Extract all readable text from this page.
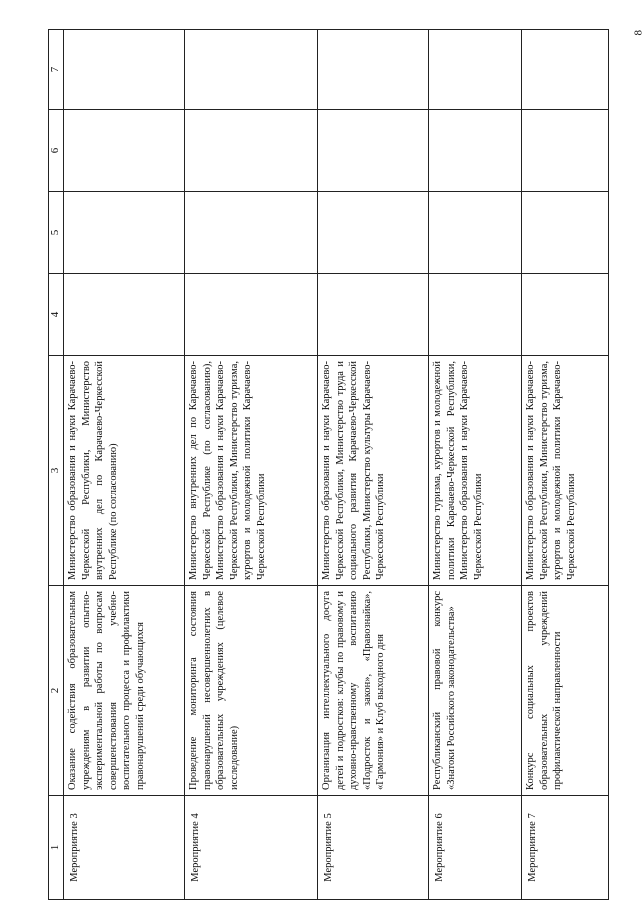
8
1	2	3	4	5	6	7
Мероприятие 3	Оказание содействия образовательным учреждениям в развитии опытно-экспериментальной работы по вопросам совершенствования учебно-воспитательного процесса и профилактики правонарушений среди обучающихся	Министерство образования и науки Карачаево-Черкесской Республики, Министерство внутренних дел по Карачаево-Черкесской Республике (по согласованию)				
Мероприятие 4	Проведение мониторинга состояния правонарушений несовершеннолетних в образовательных учреждениях (целевое исследование)	Министерство внутренних дел по Карачаево-Черкесской Республике (по согласованию), Министерство образования и науки Карачаево-Черкесской Республики, Министерство туризма, курортов и молодежной политики Карачаево-Черкесской Республики				
Мероприятие 5	Организация интеллектуального досуга детей и подростков: клубы по правовому и духовно-нравственному воспитанию «Подросток и закон», «Правознайка», «Гармония» и Клуб выходного дня	Министерство образования и науки Карачаево-Черкесской Республики, Министерство труда и социального развития Карачаево-Черкесской Республики, Министерство культуры Карачаево-Черкесской Республики				
Мероприятие 6	Республиканский правовой конкурс «Знатоки Российского законодательства»	Министерство туризма, курортов и молодежной политики Карачаево-Черкесской Республики, Министерство образования и науки Карачаево-Черкесской Республики				
Мероприятие 7	Конкурс социальных проектов образовательных учреждений профилактической направленности	Министерство образования и науки Карачаево-Черкесской Республики, Министерство туризма, курортов и молодежной политики Карачаево-Черкесской Республики				
